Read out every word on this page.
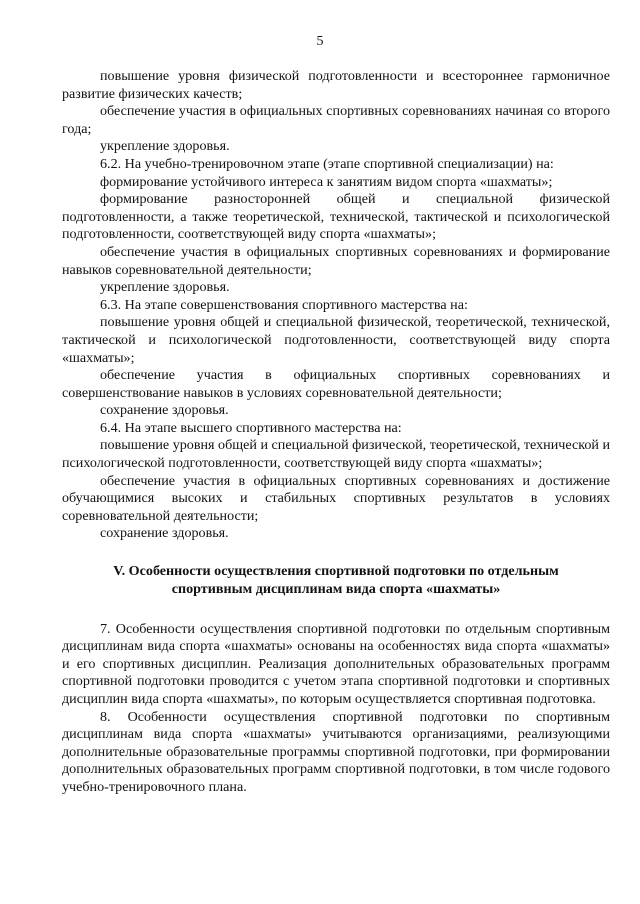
5

повышение уровня физической подготовленности и всестороннее гармоничное развитие физических качеств;

обеспечение участия в официальных спортивных соревнованиях начиная со второго года;

укрепление здоровья.

6.2. На учебно-тренировочном этапе (этапе спортивной специализации) на:

формирование устойчивого интереса к занятиям видом спорта «шахматы»;

формирование разносторонней общей и специальной физической подготовленности, а также теоретической, технической, тактической и психологической подготовленности, соответствующей виду спорта «шахматы»;

обеспечение участия в официальных спортивных соревнованиях и формирование навыков соревновательной деятельности;

укрепление здоровья.

6.3. На этапе совершенствования спортивного мастерства на:

повышение уровня общей и специальной физической, теоретической, технической, тактической и психологической подготовленности, соответствующей виду спорта «шахматы»;

обеспечение участия в официальных спортивных соревнованиях и совершенствование навыков в условиях соревновательной деятельности;

сохранение здоровья.

6.4. На этапе высшего спортивного мастерства на:

повышение уровня общей и специальной физической, теоретической, технической и психологической подготовленности, соответствующей виду спорта «шахматы»;

обеспечение участия в официальных спортивных соревнованиях и достижение обучающимися высоких и стабильных спортивных результатов в условиях соревновательной деятельности;

сохранение здоровья.

V. Особенности осуществления спортивной подготовки по отдельным
спортивным дисциплинам вида спорта «шахматы»

7. Особенности осуществления спортивной подготовки по отдельным спортивным дисциплинам вида спорта «шахматы» основаны на особенностях вида спорта «шахматы» и его спортивных дисциплин. Реализация дополнительных образовательных программ спортивной подготовки проводится с учетом этапа спортивной подготовки и спортивных дисциплин вида спорта «шахматы», по которым осуществляется спортивная подготовка.

8. Особенности осуществления спортивной подготовки по спортивным дисциплинам вида спорта «шахматы» учитываются организациями, реализующими дополнительные образовательные программы спортивной подготовки, при формировании дополнительных образовательных программ спортивной подготовки, в том числе годового учебно-тренировочного плана.
